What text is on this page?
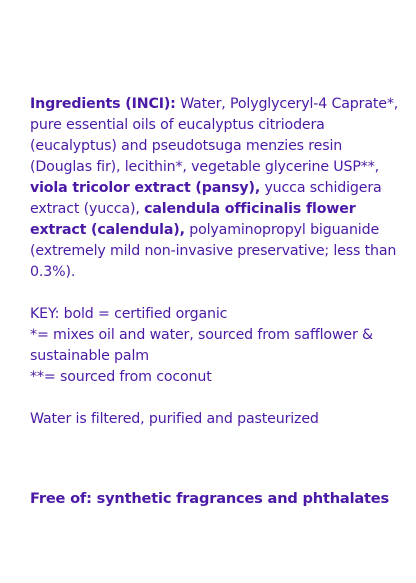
Ingredients (INCI): Water, Polyglyceryl-4 Caprate*, pure essential oils of eucalyptus citriodera (eucalyptus) and pseudotsuga menzies resin (Douglas fir), lecithin*, vegetable glycerine USP**, viola tricolor extract (pansy), yucca schidigera extract (yucca), calendula officinalis flower extract (calendula), polyaminopropyl biguanide (extremely mild non-invasive preservative; less than 0.3%).

KEY: bold = certified organic

*= mixes oil and water, sourced from safflower & sustainable palm

**= sourced from coconut

Water is filtered, purified and pasteurized

Free of: synthetic fragrances and phthalates
